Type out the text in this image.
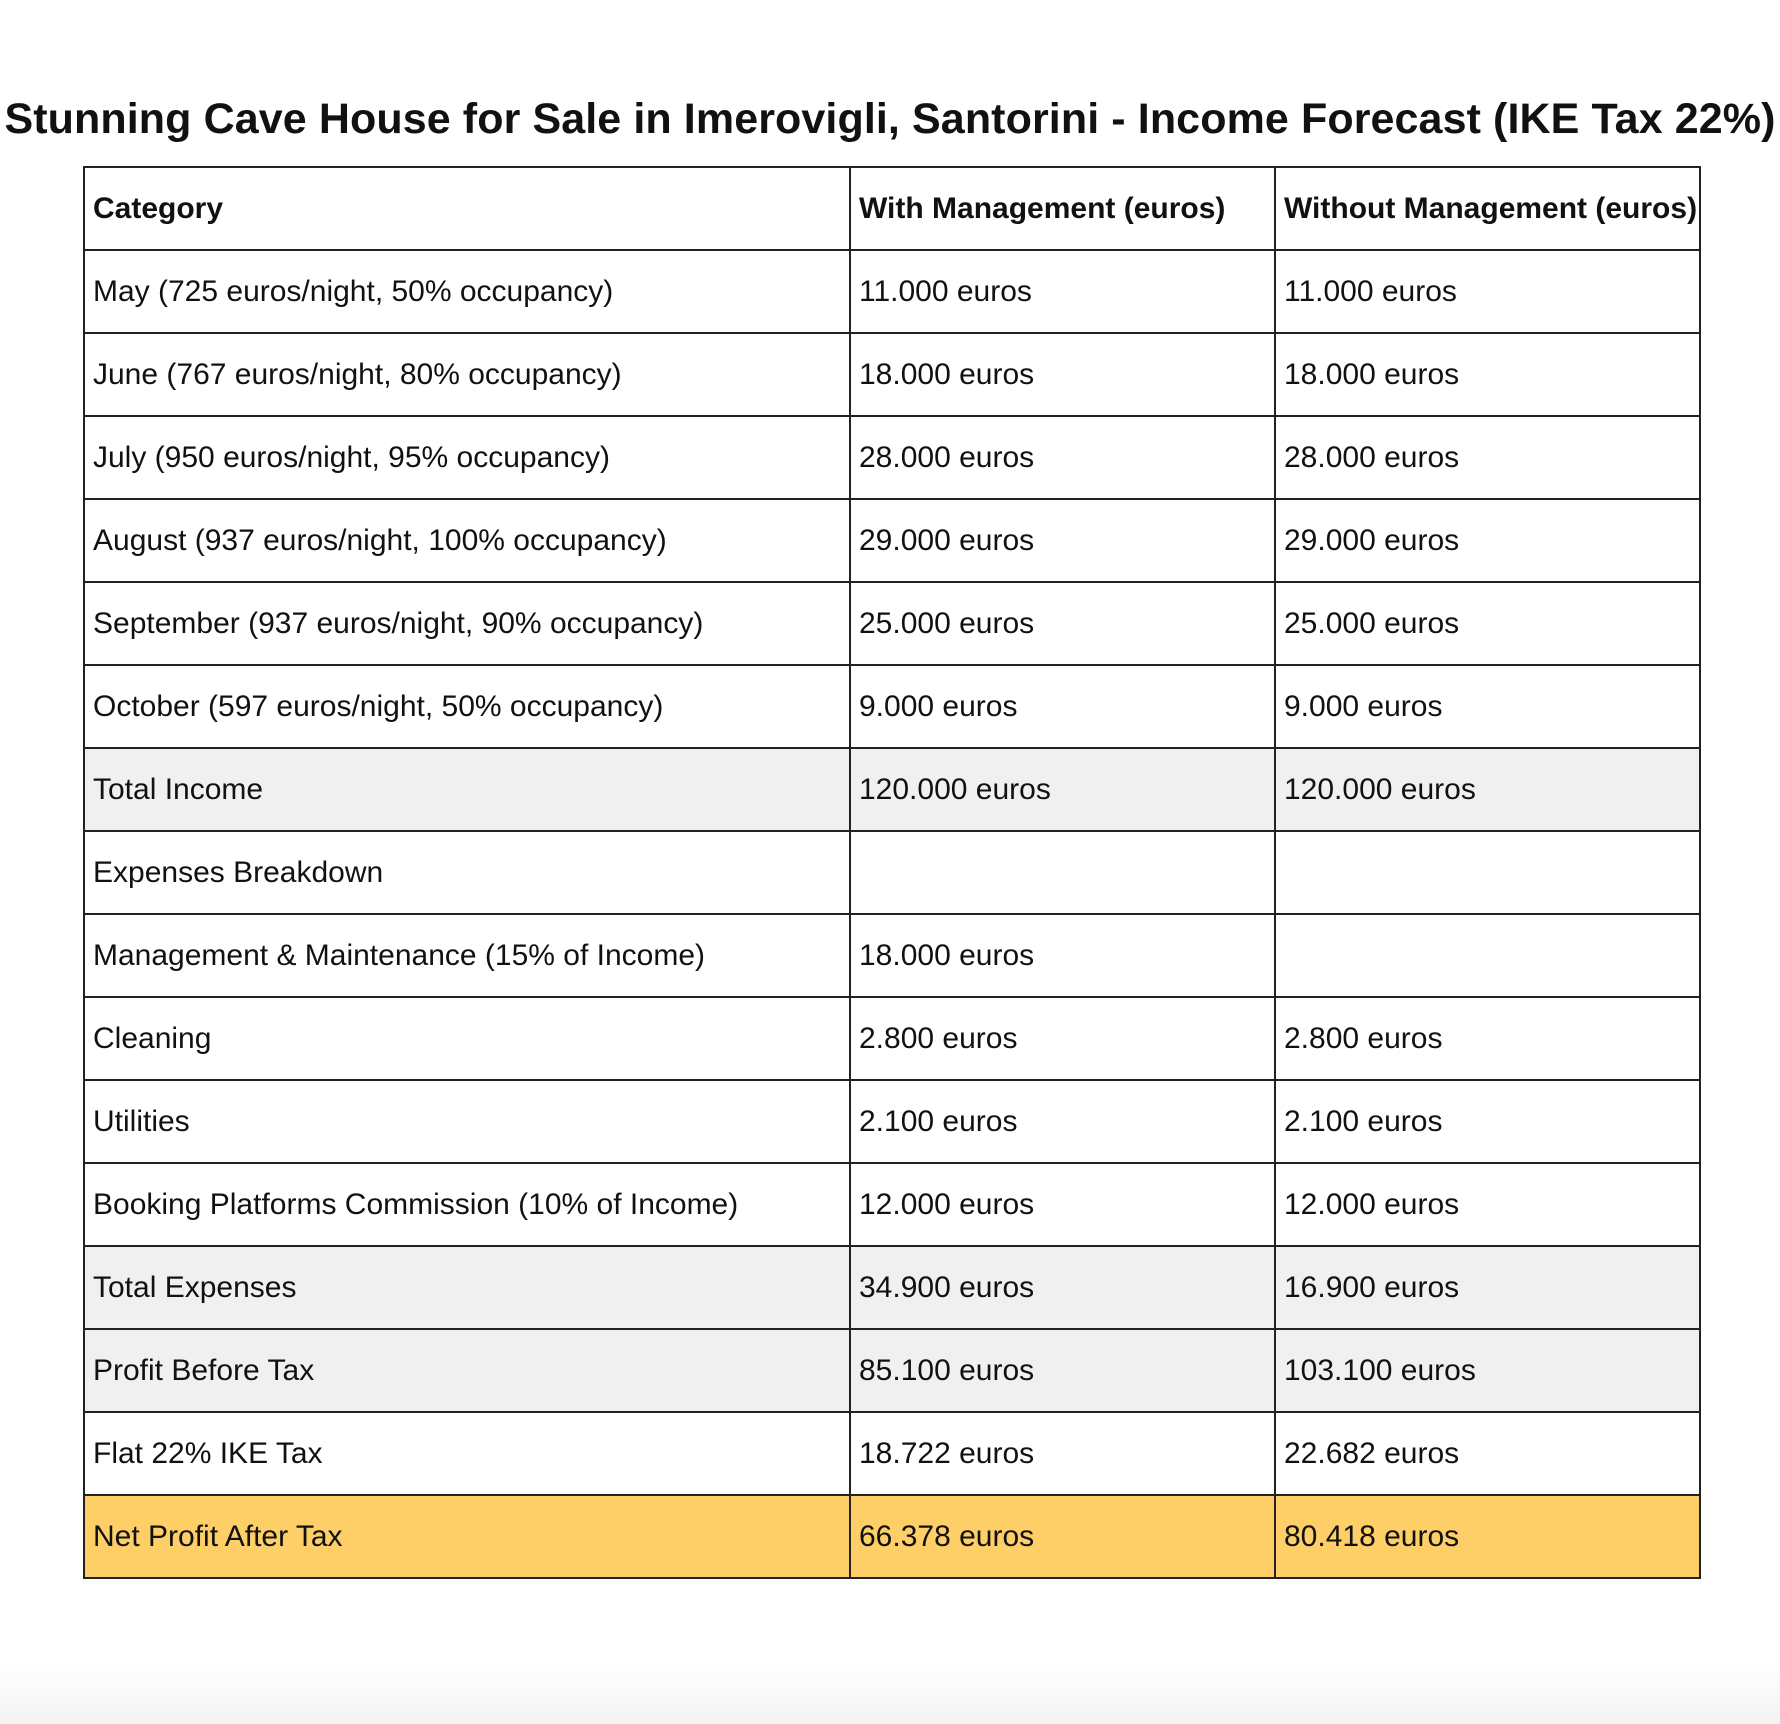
Stunning Cave House for Sale in Imerovigli, Santorini - Income Forecast (IKE Tax 22%)
Category	With Management (euros)	Without Management (euros)
May (725 euros/night, 50% occupancy)	11.000 euros	11.000 euros
June (767 euros/night, 80% occupancy)	18.000 euros	18.000 euros
July (950 euros/night, 95% occupancy)	28.000 euros	28.000 euros
August (937 euros/night, 100% occupancy)	29.000 euros	29.000 euros
September (937 euros/night, 90% occupancy)	25.000 euros	25.000 euros
October (597 euros/night, 50% occupancy)	9.000 euros	9.000 euros
Total Income	120.000 euros	120.000 euros
Expenses Breakdown		
Management & Maintenance (15% of Income)	18.000 euros	
Cleaning	2.800 euros	2.800 euros
Utilities	2.100 euros	2.100 euros
Booking Platforms Commission (10% of Income)	12.000 euros	12.000 euros
Total Expenses	34.900 euros	16.900 euros
Profit Before Tax	85.100 euros	103.100 euros
Flat 22% IKE Tax	18.722 euros	22.682 euros
Net Profit After Tax	66.378 euros	80.418 euros
